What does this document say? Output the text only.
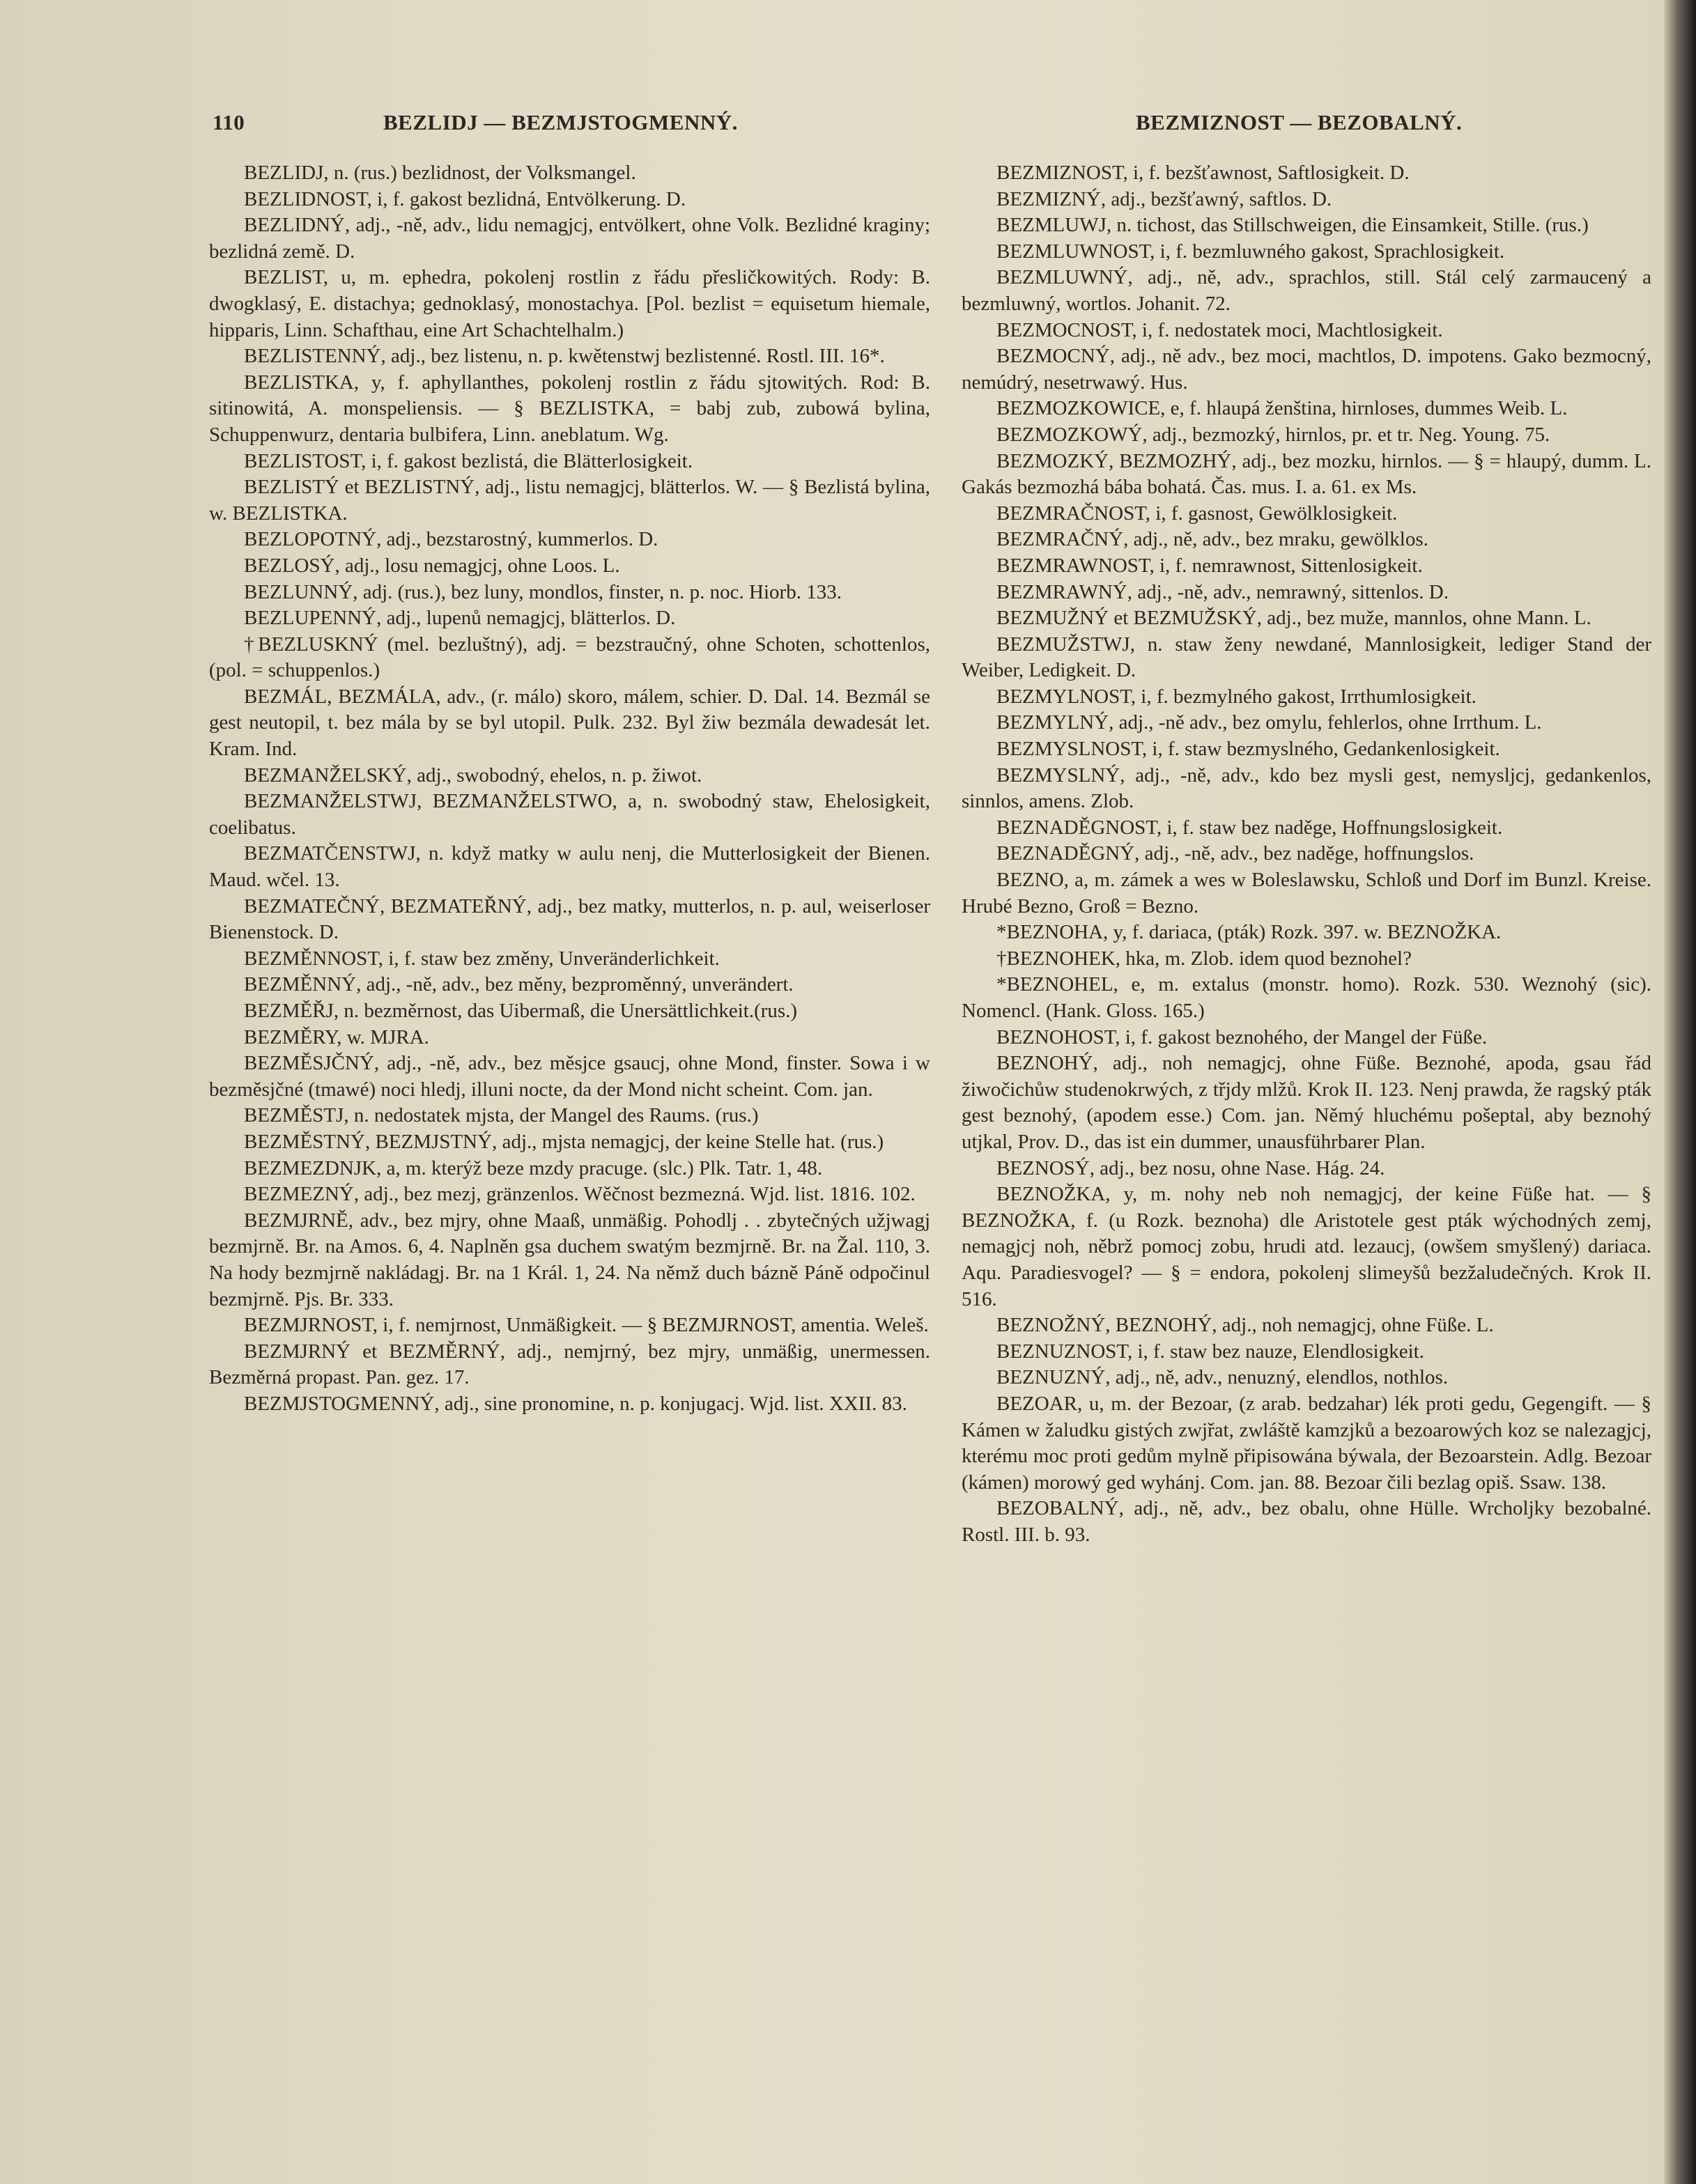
110	BEZLIDJ — BEZMJSTOGMENNÝ.	BEZMIZNOST — BEZOBALNÝ.

BEZLIDJ, n. (rus.) bezlidnost, der Volksmangel.

BEZLIDNOST, i, f. gakost bezlidná, Entvölkerung. D.

BEZLIDNÝ, adj., -ně, adv., lidu nemagjcj, entvölkert, ohne Volk. Bezlidné kraginy; bezlidná země. D.

BEZLIST, u, m. ephedra, pokolenj rostlin z řádu přesličkowitých. Rody: B. dwogklasý, E. distachya; gednoklasý, monostachya. [Pol. bezlist = equisetum hiemale, hipparis, Linn. Schafthau, eine Art Schachtelhalm.)

BEZLISTENNÝ, adj., bez listenu, n. p. kwětenstwj bezlistenné. Rostl. III. 16*.

BEZLISTKA, y, f. aphyllanthes, pokolenj rostlin z řádu sjtowitých. Rod: B. sitinowitá, A. monspeliensis. — § BEZLISTKA, = babj zub, zubowá bylina, Schuppenwurz, dentaria bulbifera, Linn. aneblatum. Wg.

BEZLISTOST, i, f. gakost bezlistá, die Blätterlosigkeit.

BEZLISTÝ et BEZLISTNÝ, adj., listu nemagjcj, blätterlos. W. — § Bezlistá bylina, w. BEZLISTKA.

BEZLOPOTNÝ, adj., bezstarostný, kummerlos. D.

BEZLOSÝ, adj., losu nemagjcj, ohne Loos. L.

BEZLUNNÝ, adj. (rus.), bez luny, mondlos, finster, n. p. noc. Hiorb. 133.

BEZLUPENNÝ, adj., lupenů nemagjcj, blätterlos. D.

†BEZLUSKNÝ (mel. bezluštný), adj. = bezstraučný, ohne Schoten, schottenlos, (pol. = schuppenlos.)

BEZMÁL, BEZMÁLA, adv., (r. málo) skoro, málem, schier. D. Dal. 14. Bezmál se gest neutopil, t. bez mála by se byl utopil. Pulk. 232. Byl žiw bezmála dewadesát let. Kram. Ind.

BEZMANŽELSKÝ, adj., swobodný, ehelos, n. p. žiwot.

BEZMANŽELSTWJ, BEZMANŽELSTWO, a, n. swobodný staw, Ehelosigkeit, coelibatus.

BEZMATČENSTWJ, n. když matky w aulu nenj, die Mutterlosigkeit der Bienen. Maud. wčel. 13.

BEZMATEČNÝ, BEZMATEŘNÝ, adj., bez matky, mutterlos, n. p. aul, weiserloser Bienenstock. D.

BEZMĚNNOST, i, f. staw bez změny, Unveränderlichkeit.

BEZMĚNNÝ, adj., -ně, adv., bez měny, bezproměnný, unverändert.

BEZMĚŘJ, n. bezměrnost, das Uibermaß, die Unersättlichkeit.(rus.)

BEZMĚRY, w. MJRA.

BEZMĚSJČNÝ, adj., -ně, adv., bez měsjce gsaucj, ohne Mond, finster. Sowa i w bezměsjčné (tmawé) noci hledj, illuni nocte, da der Mond nicht scheint. Com. jan.

BEZMĚSTJ, n. nedostatek mjsta, der Mangel des Raums. (rus.)

BEZMĚSTNÝ, BEZMJSTNÝ, adj., mjsta nemagjcj, der keine Stelle hat. (rus.)

BEZMEZDNJK, a, m. kterýž beze mzdy pracuge. (slc.) Plk. Tatr. 1, 48.

BEZMEZNÝ, adj., bez mezj, gränzenlos. Wěčnost bezmezná. Wjd. list. 1816. 102.

BEZMJRNĚ, adv., bez mjry, ohne Maaß, unmäßig. Pohodlj . . zbytečných užjwagj bezmjrně. Br. na Amos. 6, 4. Naplněn gsa duchem swatým bezmjrně. Br. na Žal. 110, 3. Na hody bezmjrně nakládagj. Br. na 1 Král. 1, 24. Na němž duch bázně Páně odpočinul bezmjrně. Pjs. Br. 333.

BEZMJRNOST, i, f. nemjrnost, Unmäßigkeit. — § BEZMJRNOST, amentia. Weleš.

BEZMJRNÝ et BEZMĚRNÝ, adj., nemjrný, bez mjry, unmäßig, unermessen. Bezměrná propast. Pan. gez. 17.

BEZMJSTOGMENNÝ, adj., sine pronomine, n. p. konjugacj. Wjd. list. XXII. 83.

BEZMIZNOST, i, f. bezšťawnost, Saftlosigkeit. D.

BEZMIZNÝ, adj., bezšťawný, saftlos. D.

BEZMLUWJ, n. tichost, das Stillschweigen, die Einsamkeit, Stille. (rus.)

BEZMLUWNOST, i, f. bezmluwného gakost, Sprachlosigkeit.

BEZMLUWNÝ, adj., ně, adv., sprachlos, still. Stál celý zarmaucený a bezmluwný, wortlos. Johanit. 72.

BEZMOCNOST, i, f. nedostatek moci, Machtlosigkeit.

BEZMOCNÝ, adj., ně adv., bez moci, machtlos, D. impotens. Gako bezmocný, nemúdrý, nesetrwawý. Hus.

BEZMOZKOWICE, e, f. hlaupá ženština, hirnloses, dummes Weib. L.

BEZMOZKOWÝ, adj., bezmozký, hirnlos, pr. et tr. Neg. Young. 75.

BEZMOZKÝ, BEZMOZHÝ, adj., bez mozku, hirnlos. — § = hlaupý, dumm. L. Gakás bezmozhá bába bohatá. Čas. mus. I. a. 61. ex Ms.

BEZMRAČNOST, i, f. gasnost, Gewölklosigkeit.

BEZMRAČNÝ, adj., ně, adv., bez mraku, gewölklos.

BEZMRAWNOST, i, f. nemrawnost, Sittenlosigkeit.

BEZMRAWNÝ, adj., -ně, adv., nemrawný, sittenlos. D.

BEZMUŽNÝ et BEZMUŽSKÝ, adj., bez muže, mannlos, ohne Mann. L.

BEZMUŽSTWJ, n. staw ženy newdané, Mannlosigkeit, lediger Stand der Weiber, Ledigkeit. D.

BEZMYLNOST, i, f. bezmylného gakost, Irrthumlosigkeit.

BEZMYLNÝ, adj., -ně adv., bez omylu, fehlerlos, ohne Irrthum. L.

BEZMYSLNOST, i, f. staw bezmyslného, Gedankenlosigkeit.

BEZMYSLNÝ, adj., -ně, adv., kdo bez mysli gest, nemysljcj, gedankenlos, sinnlos, amens. Zlob.

BEZNADĚGNOST, i, f. staw bez naděge, Hoffnungslosigkeit.

BEZNADĚGNÝ, adj., -ně, adv., bez naděge, hoffnungslos.

BEZNO, a, m. zámek a wes w Boleslawsku, Schloß und Dorf im Bunzl. Kreise. Hrubé Bezno, Groß = Bezno.

*BEZNOHA, y, f. dariaca, (pták) Rozk. 397. w. BEZNOŽKA.

†BEZNOHEK, hka, m. Zlob. idem quod beznohel?

*BEZNOHEL, e, m. extalus (monstr. homo). Rozk. 530. Weznohý (sic). Nomencl. (Hank. Gloss. 165.)

BEZNOHOST, i, f. gakost beznohého, der Mangel der Füße.

BEZNOHÝ, adj., noh nemagjcj, ohne Füße. Beznohé, apoda, gsau řád žiwočichůw studenokrwých, z třjdy mlžů. Krok II. 123. Nenj prawda, že ragský pták gest beznohý, (apodem esse.) Com. jan. Němý hluchému pošeptal, aby beznohý utjkal, Prov. D., das ist ein dummer, unausführbarer Plan.

BEZNOSÝ, adj., bez nosu, ohne Nase. Hág. 24.

BEZNOŽKA, y, m. nohy neb noh nemagjcj, der keine Füße hat. — § BEZNOŽKA, f. (u Rozk. beznoha) dle Aristotele gest pták wýchodných zemj, nemagjcj noh, něbrž pomocj zobu, hrudi atd. lezaucj, (owšem smyšlený) dariaca. Aqu. Paradiesvogel? — § = endora, pokolenj slimeyšů bezžaludečných. Krok II. 516.

BEZNOŽNÝ, BEZNOHÝ, adj., noh nemagjcj, ohne Füße. L.

BEZNUZNOST, i, f. staw bez nauze, Elendlosigkeit.

BEZNUZNÝ, adj., ně, adv., nenuzný, elendlos, nothlos.

BEZOAR, u, m. der Bezoar, (z arab. bedzahar) lék proti gedu, Gegengift. — § Kámen w žaludku gistých zwjřat, zwláště kamzjků a bezoarowých koz se nalezagjcj, kterému moc proti gedům mylně připisowána býwala, der Bezoarstein. Adlg. Bezoar (kámen) morowý ged wyhánj. Com. jan. 88. Bezoar čili bezlag opiš. Ssaw. 138.

BEZOBALNÝ, adj., ně, adv., bez obalu, ohne Hülle. Wrcholjky bezobalné. Rostl. III. b. 93.
